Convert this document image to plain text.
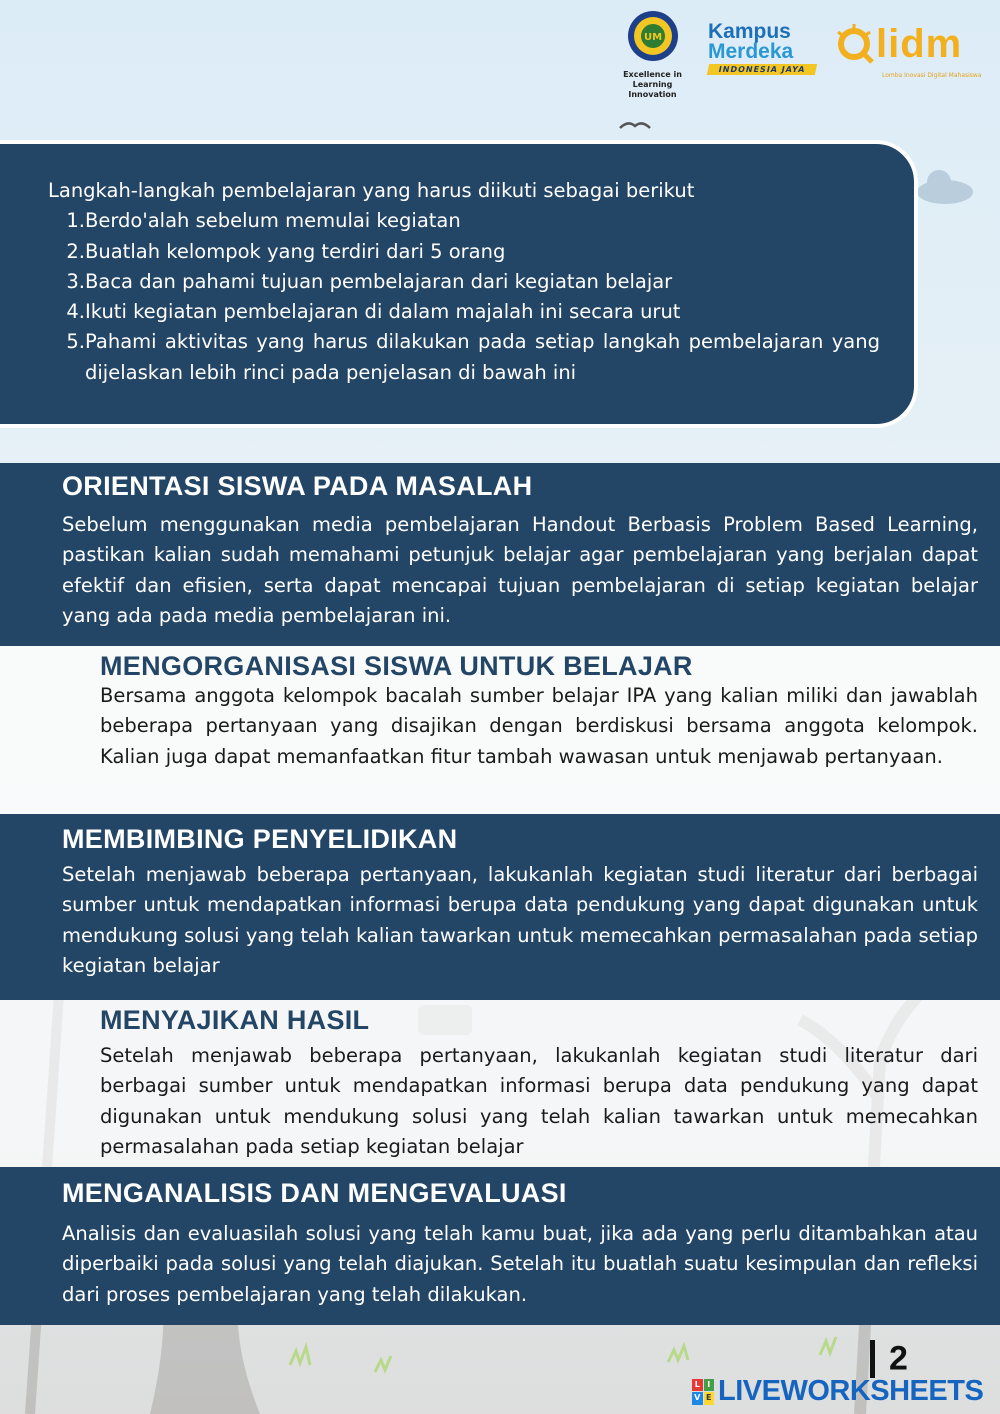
UM
Excellence in
Learning Innovation
Kampus
Merdeka
INDONESIA JAYA
lidm
Lomba Inovasi Digital Mahasiswa
Langkah-langkah pembelajaran yang harus diikuti sebagai berikut
1. Berdo'alah sebelum memulai kegiatan
2. Buatlah kelompok yang terdiri dari 5 orang
3. Baca dan pahami tujuan pembelajaran dari kegiatan belajar
4. Ikuti kegiatan pembelajaran di dalam majalah ini secara urut
5. Pahami aktivitas yang harus dilakukan pada setiap langkah pembelajaran yang dijelaskan lebih rinci pada penjelasan di bawah ini
ORIENTASI SISWA PADA MASALAH
Sebelum menggunakan media pembelajaran Handout Berbasis Problem Based Learning, pastikan kalian sudah memahami petunjuk belajar agar pembelajaran yang berjalan dapat efektif dan efisien, serta dapat mencapai tujuan pembelajaran di setiap kegiatan belajar yang ada pada media pembelajaran ini.
MENGORGANISASI SISWA UNTUK BELAJAR
Bersama anggota kelompok bacalah sumber belajar IPA yang kalian miliki dan jawablah beberapa pertanyaan yang disajikan dengan berdiskusi bersama anggota kelompok. Kalian juga dapat memanfaatkan fitur tambah wawasan untuk menjawab pertanyaan.
MEMBIMBING PENYELIDIKAN
Setelah menjawab beberapa pertanyaan, lakukanlah kegiatan studi literatur dari berbagai sumber untuk mendapatkan informasi berupa data pendukung yang dapat digunakan untuk mendukung solusi yang telah kalian tawarkan untuk memecahkan permasalahan pada setiap kegiatan belajar
MENYAJIKAN HASIL
Setelah menjawab beberapa pertanyaan, lakukanlah kegiatan studi literatur dari berbagai sumber untuk mendapatkan informasi berupa data pendukung yang dapat digunakan untuk mendukung solusi yang telah kalian tawarkan untuk memecahkan permasalahan pada setiap kegiatan belajar
MENGANALISIS DAN MENGEVALUASI
Analisis dan evaluasilah solusi yang telah kamu buat, jika ada yang perlu ditambahkan atau diperbaiki pada solusi yang telah diajukan. Setelah itu buatlah suatu kesimpulan dan refleksi dari proses pembelajaran yang telah dilakukan.
2
L I
V E LIVEWORKSHEETS
